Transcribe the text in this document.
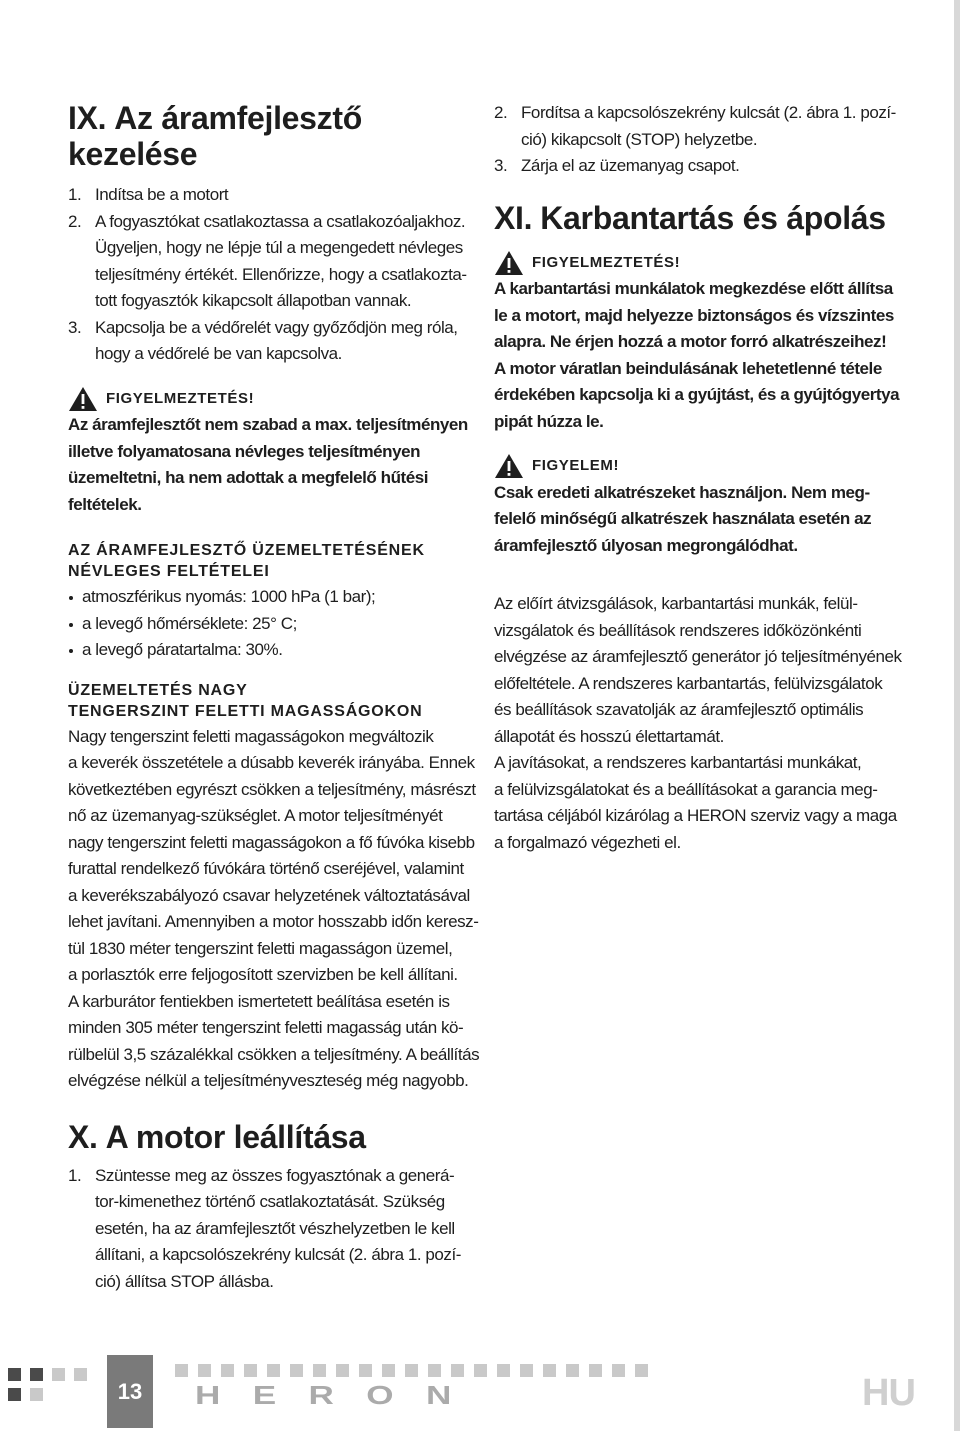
IX. Az áramfejlesztő
kezelése
1. Indítsa be a motort
2. A fogyasztókat csatlakoztassa a csatlakozóaljakhoz.
Ügyeljen, hogy ne lépje túl a megengedett névleges
teljesítmény értékét. Ellenőrizze, hogy a csatlakozta-
tott fogyasztók kikapcsolt állapotban vannak.
3. Kapcsolja be a védőrelét vagy győződjön meg róla,
hogy a védőrelé be van kapcsolva.
FIGYELMEZTETÉS!

Az áramfejlesztőt nem szabad a max. teljesítményen
illetve folyamatosana névleges teljesítményen
üzemeltetni, ha nem adottak a megfelelő hűtési
feltételek.

AZ ÁRAMFEJLESZTŐ ÜZEMELTETÉSÉNEK
NÉVLEGES FELTÉTELEI
atmoszférikus nyomás: 1000 hPa (1 bar);
a levegő hőmérséklete: 25° C;
a levegő páratartalma: 30%.
ÜZEMELTETÉS NAGY
TENGERSZINT FELETTI MAGASSÁGOKON

Nagy tengerszint feletti magasságokon megváltozik
a keverék összetétele a dúsabb keverék irányába. Ennek
következtében egyrészt csökken a teljesítmény, másrészt
nő az üzemanyag-szükséglet. A motor teljesítményét
nagy tengerszint feletti magasságokon a fő fúvóka kisebb
furattal rendelkező fúvókára történő cseréjével, valamint
a keverékszabályozó csavar helyzetének változtatásával
lehet javítani. Amennyiben a motor hosszabb időn keresz-
tül 1830 méter tengerszint feletti magasságon üzemel,
a porlasztók erre feljogosított szervizben be kell állítani.
A karburátor fentiekben ismertetett beálítása esetén is
minden 305 méter tengerszint feletti magasság után kö-
rülbelül 3,5 százalékkal csökken a teljesítmény. A beállítás
elvégzése nélkül a teljesítményveszteség még nagyobb.

X. A motor leállítása
1. Szüntesse meg az összes fogyasztónak a generá-
tor-kimenethez történő csatlakoztatását. Szükség
esetén, ha az áramfejlesztőt vészhelyzetben le kell
állítani, a kapcsolószekrény kulcsát (2. ábra 1. pozí-
ció) állítsa STOP állásba.
2. Fordítsa a kapcsolószekrény kulcsát (2. ábra 1. pozí-
ció) kikapcsolt (STOP) helyzetbe.
3. Zárja el az üzemanyag csapot.
XI. Karbantartás és ápolás
FIGYELMEZTETÉS!

A karbantartási munkálatok megkezdése előtt állítsa
le a motort, majd helyezze biztonságos és vízszintes
alapra. Ne érjen hozzá a motor forró alkatrészeihez!
A motor váratlan beindulásának lehetetlenné tétele
érdekében kapcsolja ki a gyújtást, és a gyújtógyertya
pipát húzza le.

FIGYELEM!

Csak eredeti alkatrészeket használjon. Nem meg-
felelő minőségű alkatrészek használata esetén az
áramfejlesztő úlyosan megrongálódhat.

Az előírt átvizsgálások, karbantartási munkák, felül-
vizsgálatok és beállítások rendszeres időközönkénti
elvégzése az áramfejlesztő generátor jó teljesítményének
előfeltétele. A rendszeres karbantartás, felülvizsgálatok
és beállítások szavatolják az áramfejlesztő optimális
állapotát és hosszú élettartamát.
A javításokat, a rendszeres karbantartási munkákat,
a felülvizsgálatokat és a beállításokat a garancia meg-
tartása céljából kizárólag a HERON szerviz vagy a maga
a forgalmazó végezheti el.

13	HERON	HU
